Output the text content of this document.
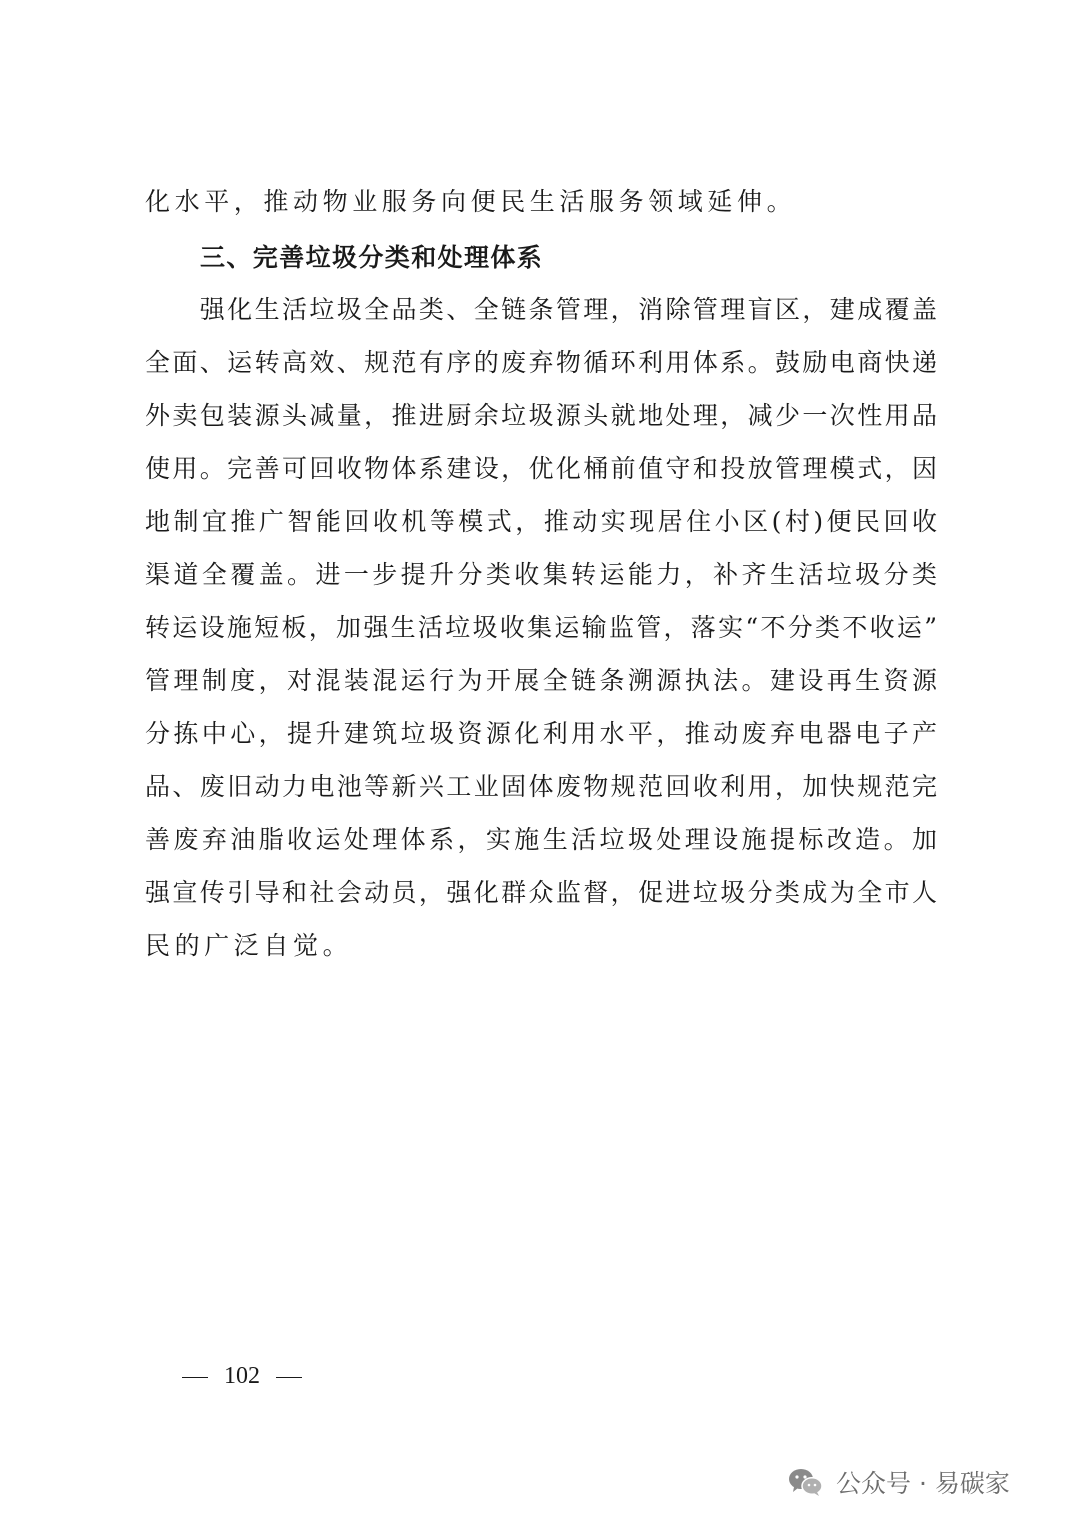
化水平，推动物业服务向便民生活服务领域延伸。
三、完善垃圾分类和处理体系
　　强化生活垃圾全品类、全链条管理，消除管理盲区，建成覆盖
全面、运转高效、规范有序的废弃物循环利用体系。鼓励电商快递
外卖包装源头减量，推进厨余垃圾源头就地处理，减少一次性用品
使用。完善可回收物体系建设，优化桶前值守和投放管理模式，因
地制宜推广智能回收机等模式，推动实现居住小区(村)便民回收
渠道全覆盖。进一步提升分类收集转运能力，补齐生活垃圾分类
转运设施短板，加强生活垃圾收集运输监管，落实“不分类不收运”
管理制度，对混装混运行为开展全链条溯源执法。建设再生资源
分拣中心，提升建筑垃圾资源化利用水平，推动废弃电器电子产
品、废旧动力电池等新兴工业固体废物规范回收利用，加快规范完
善废弃油脂收运处理体系，实施生活垃圾处理设施提标改造。加
强宣传引导和社会动员，强化群众监督，促进垃圾分类成为全市人
民的广泛自觉。
102
公众号 · 易碳家
